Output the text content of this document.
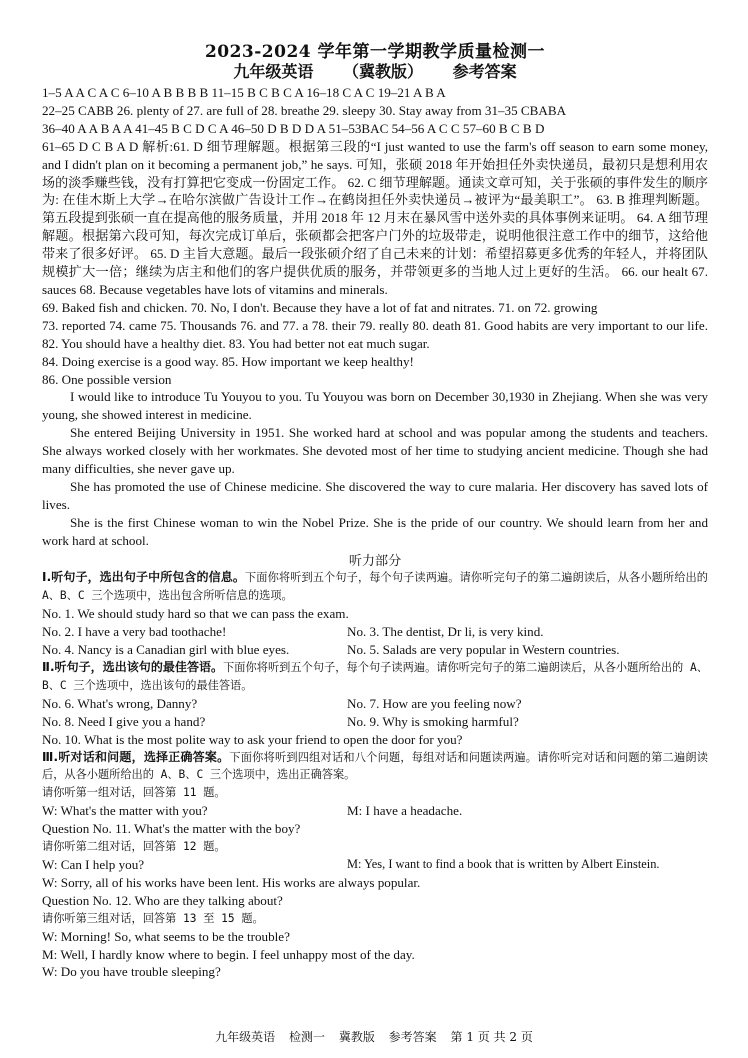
2023-2024 学年第一学期教学质量检测一
九年级英语 （冀教版） 参考答案
1–5 A A C A C 6–10 A B B B B 11–15 B C B C A 16–18 C A C 19–21 A B A
22–25 CABB 26. plenty of 27. are full of 28. breathe 29. sleepy 30. Stay away from 31–35 CBABA
36–40 A A B A A 41–45 B C D C A 46–50 D B D D A 51–53BAC 54–56 A C C 57–60 B C B D
61–65 D C B A D 解析:61. D 细节理解题。根据第三段的“I just wanted to use the farm's off season to earn some money, and I didn't plan on it becoming a permanent job,” he says. 可知，张硕 2018 年开始担任外卖快递员，最初只是想利用农场的淡季赚些钱，没有打算把它变成一份固定工作。 62. C 细节理解题。通读文章可知，关于张硕的事件发生的顺序为: 在佳木斯上大学→在哈尔滨做广告设计工作→在鹤岗担任外卖快递员→被评为“最美职工”。 63. B 推理判断题。第五段提到张硕一直在提高他的服务质量，并用 2018 年 12 月末在暴风雪中送外卖的具体事例来证明。 64. A 细节理解题。根据第六段可知，每次完成订单后，张硕都会把客户门外的垃圾带走，说明他很注意工作中的细节，这给他带来了很多好评。 65. D 主旨大意题。最后一段张硕介绍了自己未来的计划：希望招募更多优秀的年轻人，并将团队规模扩大一倍；继续为店主和他们的客户提供优质的服务，并带领更多的当地人过上更好的生活。 66. our healt 67. sauces 68. Because vegetables have lots of vitamins and minerals.
69. Baked fish and chicken. 70. No, I don't. Because they have a lot of fat and nitrates. 71. on 72. growing
73. reported 74. came 75. Thousands 76. and 77. a 78. their 79. really 80. death 81. Good habits are very important to our life. 82. You should have a healthy diet. 83. You had better not eat much sugar.
84. Doing exercise is a good way. 85. How important we keep healthy!
86. One possible version
I would like to introduce Tu Youyou to you. Tu Youyou was born on December 30,1930 in Zhejiang. When she was very young, she showed interest in medicine.
She entered Beijing University in 1951. She worked hard at school and was popular among the students and teachers. She always worked closely with her workmates. She devoted most of her time to studying ancient medicine. Though she had many difficulties, she never gave up.
She has promoted the use of Chinese medicine. She discovered the way to cure malaria. Her discovery has saved lots of lives.
She is the first Chinese woman to win the Nobel Prize. She is the pride of our country. We should learn from her and work hard at school.
听力部分
Ⅰ.听句子，选出句子中所包含的信息。下面你将听到五个句子，每个句子读两遍。请你听完句子的第二遍朗读后，从各小题所给出的 A、B、C 三个选项中，选出包含所听信息的选项。
No. 1. We should study hard so that we can pass the exam.
No. 2. I have a very bad toothache!	No. 3. The dentist, Dr li, is very kind.
No. 4. Nancy is a Canadian girl with blue eyes.	No. 5. Salads are very popular in Western countries.
Ⅱ.听句子，选出该句的最佳答语。下面你将听到五个句子，每个句子读两遍。请你听完句子的第二遍朗读后，从各小题所给出的 A、B、C 三个选项中，选出该句的最佳答语。
No. 6. What's wrong, Danny?	No. 7. How are you feeling now?
No. 8. Need I give you a hand?	No. 9. Why is smoking harmful?
No. 10. What is the most polite way to ask your friend to open the door for you?
Ⅲ.听对话和问题，选择正确答案。下面你将听到四组对话和八个问题，每组对话和问题读两遍。请你听完对话和问题的第二遍朗读后，从各小题所给出的 A、B、C 三个选项中，选出正确答案。
请你听第一组对话，回答第 11 题。
W: What's the matter with you?	M: I have a headache.
Question No. 11. What's the matter with the boy?
请你听第二组对话，回答第 12 题。
W: Can I help you?	M: Yes, I want to find a book that is written by Albert Einstein.
W: Sorry, all of his works have been lent. His works are always popular.
Question No. 12. Who are they talking about?
请你听第三组对话，回答第 13 至 15 题。
W: Morning! So, what seems to be the trouble?
M: Well, I hardly know where to begin. I feel unhappy most of the day.
W: Do you have trouble sleeping?
九年级英语 检测一 冀教版 参考答案 第 1 页 共 2 页
